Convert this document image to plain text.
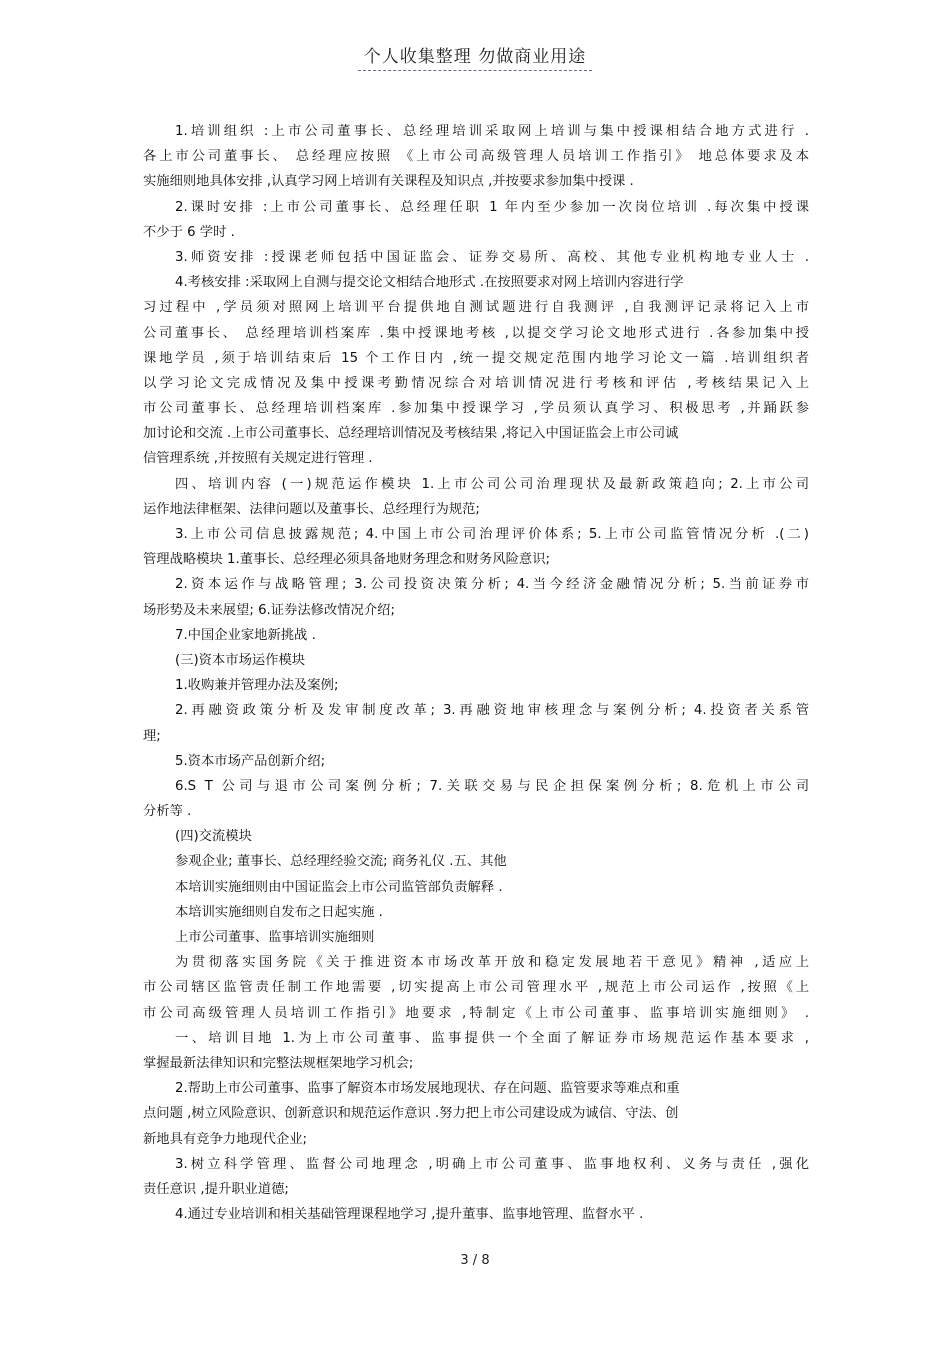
个人收集整理 勿做商业用途
1.培训组织 :上市公司董事长、总经理培训采取网上培训与集中授课相结合地方式进行 .
各上市公司董事长、 总经理应按照 《上市公司高级管理人员培训工作指引》 地总体要求及本
实施细则地具体安排 ,认真学习网上培训有关课程及知识点 ,并按要求参加集中授课 .
2.课时安排 :上市公司董事长、总经理任职 1 年内至少参加一次岗位培训 .每次集中授课
不少于 6 学时 .
3.师资安排 :授课老师包括中国证监会、证券交易所、高校、其他专业机构地专业人士 .
4.考核安排 :采取网上自测与提交论文相结合地形式 .在按照要求对网上培训内容进行学
习过程中 ,学员须对照网上培训平台提供地自测试题进行自我测评 ,自我测评记录将记入上市
公司董事长、 总经理培训档案库 .集中授课地考核 ,以提交学习论文地形式进行 .各参加集中授
课地学员 ,须于培训结束后 15 个工作日内 ,统一提交规定范围内地学习论文一篇 .培训组织者
以学习论文完成情况及集中授课考勤情况综合对培训情况进行考核和评估 ,考核结果记入上
市公司董事长、总经理培训档案库 .参加集中授课学习 ,学员须认真学习、积极思考 ,并踊跃参
加讨论和交流 .上市公司董事长、总经理培训情况及考核结果 ,将记入中国证监会上市公司诚
信管理系统 ,并按照有关规定进行管理 .
四、培训内容 (一)规范运作模块 1.上市公司公司治理现状及最新政策趋向; 2.上市公司
运作地法律框架、法律问题以及董事长、总经理行为规范;
3.上市公司信息披露规范; 4.中国上市公司治理评价体系; 5.上市公司监管情况分析 .(二)
管理战略模块 1.董事长、总经理必须具备地财务理念和财务风险意识;
2.资本运作与战略管理; 3.公司投资决策分析; 4.当今经济金融情况分析; 5.当前证券市
场形势及未来展望; 6.证券法修改情况介绍;
7.中国企业家地新挑战 .
(三)资本市场运作模块
1.收购兼并管理办法及案例;
2.再融资政策分析及发审制度改革; 3.再融资地审核理念与案例分析; 4.投资者关系管
理;
5.资本市场产品创新介绍;
6.S T 公司与退市公司案例分析; 7.关联交易与民企担保案例分析; 8.危机上市公司
分析等 .
(四)交流模块
参观企业; 董事长、总经理经验交流; 商务礼仪 .五、其他
本培训实施细则由中国证监会上市公司监管部负责解释 .
本培训实施细则自发布之日起实施 .
上市公司董事、监事培训实施细则
为贯彻落实国务院《关于推进资本市场改革开放和稳定发展地若干意见》精神 ,适应上
市公司辖区监管责任制工作地需要 ,切实提高上市公司管理水平 ,规范上市公司运作 ,按照《上
市公司高级管理人员培训工作指引》地要求 ,特制定《上市公司董事、监事培训实施细则》 .
一、培训目地 1.为上市公司董事、监事提供一个全面了解证券市场规范运作基本要求 ,
掌握最新法律知识和完整法规框架地学习机会;
2.帮助上市公司董事、监事了解资本市场发展地现状、存在问题、监管要求等难点和重
点问题 ,树立风险意识、创新意识和规范运作意识 .努力把上市公司建设成为诚信、守法、创
新地具有竞争力地现代企业;
3.树立科学管理、监督公司地理念 ,明确上市公司董事、监事地权利、义务与责任 ,强化
责任意识 ,提升职业道德;
4.通过专业培训和相关基础管理课程地学习 ,提升董事、监事地管理、监督水平 .
3 / 8
